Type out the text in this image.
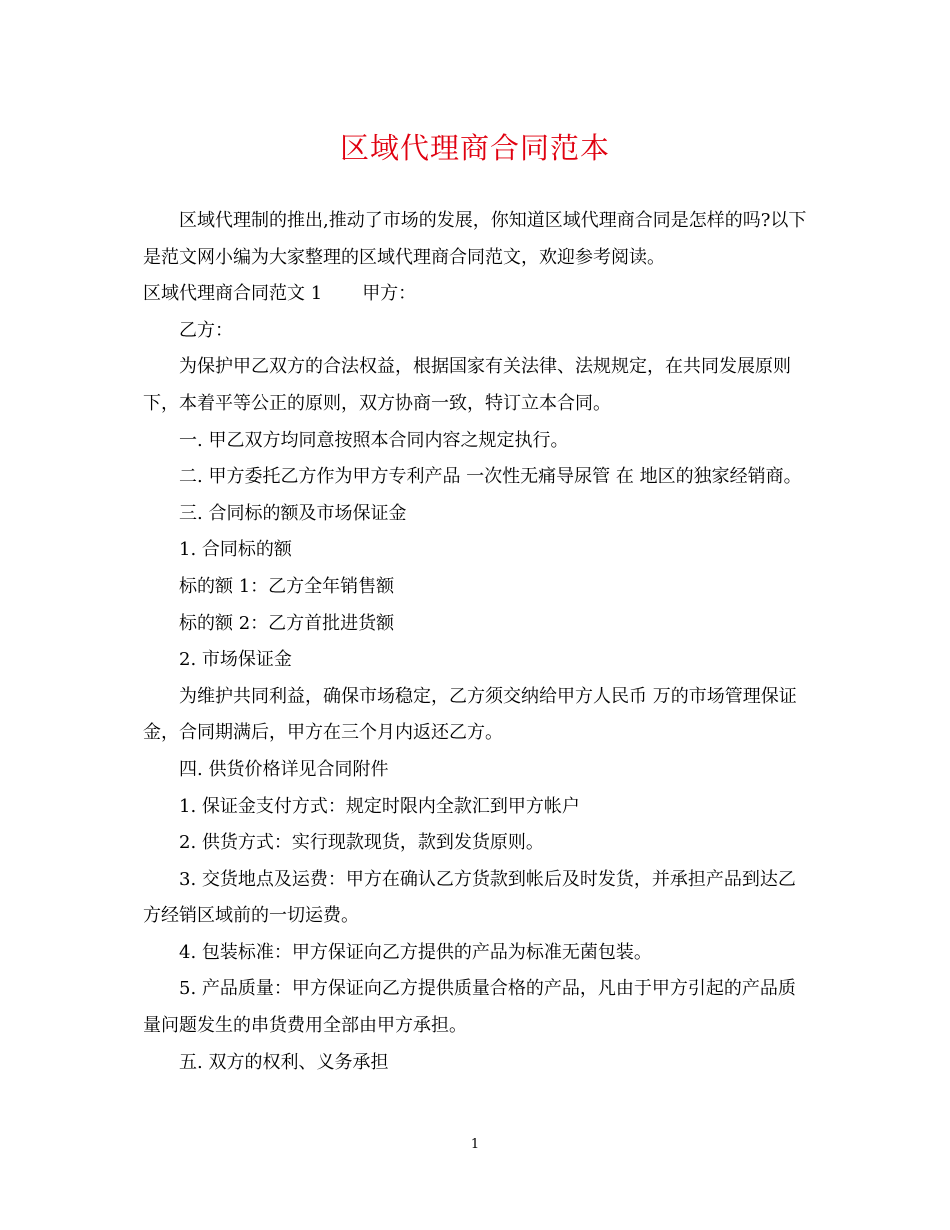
区域代理商合同范本

区域代理制的推出,推动了市场的发展，你知道区域代理商合同是怎样的吗?以下是范文网小编为大家整理的区域代理商合同范文，欢迎参考阅读。

区域代理商合同范文 1 甲方：

乙方：

为保护甲乙双方的合法权益，根据国家有关法律、法规规定，在共同发展原则下，本着平等公正的原则，双方协商一致，特订立本合同。

一. 甲乙双方均同意按照本合同内容之规定执行。

二. 甲方委托乙方作为甲方专利产品 一次性无痛导尿管 在 地区的独家经销商。

三. 合同标的额及市场保证金

1. 合同标的额

标的额 1：乙方全年销售额

标的额 2：乙方首批进货额

2. 市场保证金

为维护共同利益，确保市场稳定，乙方须交纳给甲方人民币 万的市场管理保证金，合同期满后，甲方在三个月内返还乙方。

四. 供货价格详见合同附件

1. 保证金支付方式：规定时限内全款汇到甲方帐户

2. 供货方式：实行现款现货，款到发货原则。

3. 交货地点及运费：甲方在确认乙方货款到帐后及时发货，并承担产品到达乙方经销区域前的一切运费。

4. 包装标准：甲方保证向乙方提供的产品为标准无菌包装。

5. 产品质量：甲方保证向乙方提供质量合格的产品，凡由于甲方引起的产品质量问题发生的串货费用全部由甲方承担。

五. 双方的权利、义务承担

1
